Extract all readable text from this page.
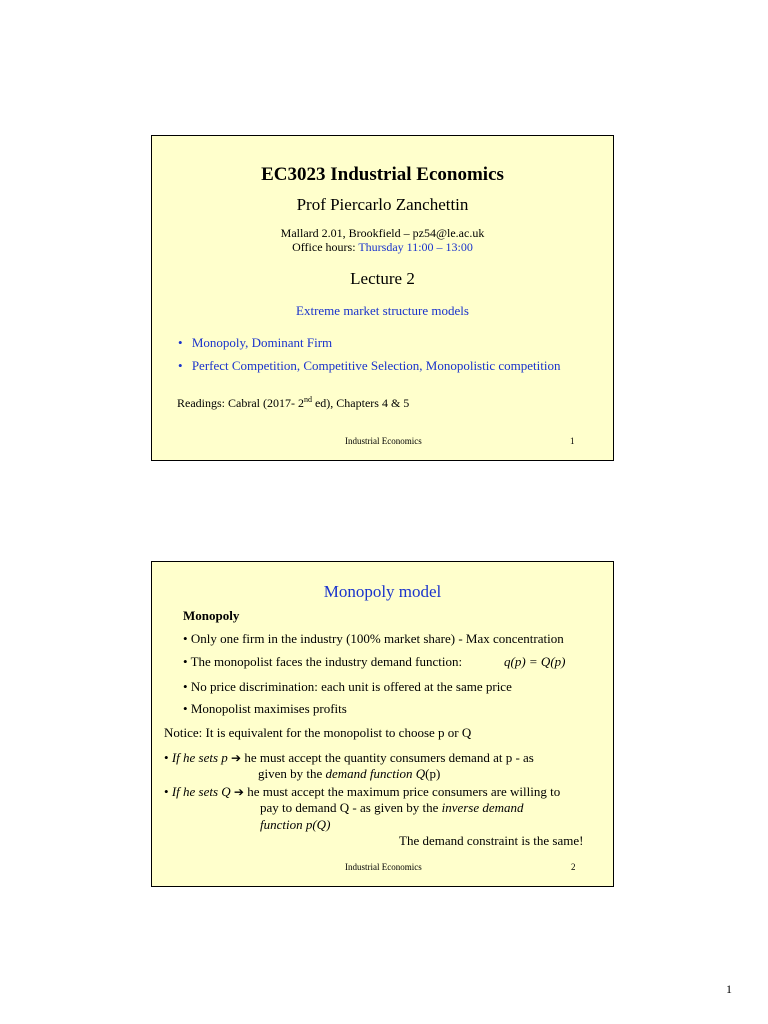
EC3023 Industrial Economics
Prof Piercarlo Zanchettin
Mallard 2.01, Brookfield – pz54@le.ac.uk
Office hours: Thursday 11:00 – 13:00
Lecture 2
Extreme market structure models
• Monopoly, Dominant Firm
• Perfect Competition, Competitive Selection, Monopolistic competition
Readings: Cabral (2017- 2nd ed), Chapters 4 & 5
Industrial Economics	1
Monopoly model
Monopoly
• Only one firm in the industry (100% market share) - Max concentration
• The monopolist faces the industry demand function:	q(p) = Q(p)
• No price discrimination: each unit is offered at the same price
• Monopolist maximises profits
Notice: It is equivalent for the monopolist to choose p or Q
• If he sets p ➔ he must accept the quantity consumers demand at p - as
given by the demand function Q(p)
• If he sets Q ➔ he must accept the maximum price consumers are willing to
pay to demand Q - as given by the inverse demand
function p(Q)
The demand constraint is the same!
Industrial Economics	2
1
